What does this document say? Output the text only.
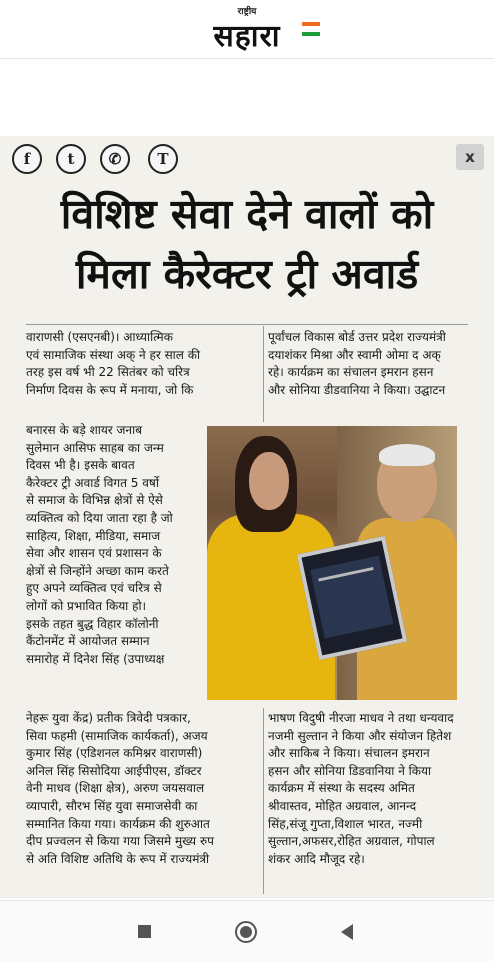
राष्ट्रीय
सहारा
f	t	✆	T	x
विशिष्ट सेवा देने वालों को
मिला कैरेक्टर ट्री अवार्ड
वाराणसी (एसएनबी)। आध्यात्मिक
एवं सामाजिक संस्था अक् ने हर साल की
तरह इस वर्ष भी 22 सितंबर को चरित्र
निर्माण दिवस के रूप में मनाया, जो कि
बनारस के बड़े शायर जनाब
सुलेमान आसिफ साहब का जन्म
दिवस भी है। इसके बावत
कैरेक्टर ट्री अवार्ड विगत 5 वर्षो
से समाज के विभिन्न क्षेत्रों से ऐसे
व्यक्तित्व को दिया जाता रहा है जो
साहित्य, शिक्षा, मीडिया, समाज
सेवा और शासन एवं प्रशासन के
क्षेत्रों से जिन्होंने अच्छा काम करते
हुए अपने व्यक्तित्व एवं चरित्र से
लोगों को प्रभावित किया हो।
इसके तहत बुद्ध विहार कॉलोनी
कैंटोनमेंट में आयोजत सम्मान
समारोह में दिनेश सिंह (उपाध्यक्ष
नेहरू युवा केंद्र) प्रतीक त्रिवेदी पत्रकार,
सिवा फहमी (सामाजिक कार्यकर्ता), अजय
कुमार सिंह (एडिशनल कमिश्नर वाराणसी)
अनिल सिंह सिसोदिया आईपीएस, डॉक्टर
वेनी माधव (शिक्षा क्षेत्र), अरुण जयसवाल
व्यापारी, सौरभ सिंह युवा समाजसेवी का
सम्मानित किया गया। कार्यक्रम की शुरुआत
दीप प्रज्वलन से किया गया जिसमे मुख्य रुप
से अति विशिष्ट अतिथि के रूप में राज्यमंत्री
पूर्वांचल विकास बोर्ड उत्तर प्रदेश राज्यमंत्री
दयाशंकर मिश्रा और स्वामी ओमा द अक्
रहे। कार्यक्रम का संचालन इमरान हसन
और सोनिया डीडवानिया ने किया। उद्घाटन
भाषण विदुषी नीरजा माधव ने तथा धन्यवाद
नजमी सुल्तान ने किया और संयोजन हितेश
और साकिब ने किया। संचालन इमरान
हसन और सोनिया डिडवानिया ने किया
कार्यक्रम में संस्था के सदस्य अमित
श्रीवास्तव, मोहित अग्रवाल, आनन्द
सिंह,संजू गुप्ता,विशाल भारत, नज्मी
सुल्तान,अफसर,रोहित अग्रवाल, गोपाल
शंकर आदि मौजूद रहे।
